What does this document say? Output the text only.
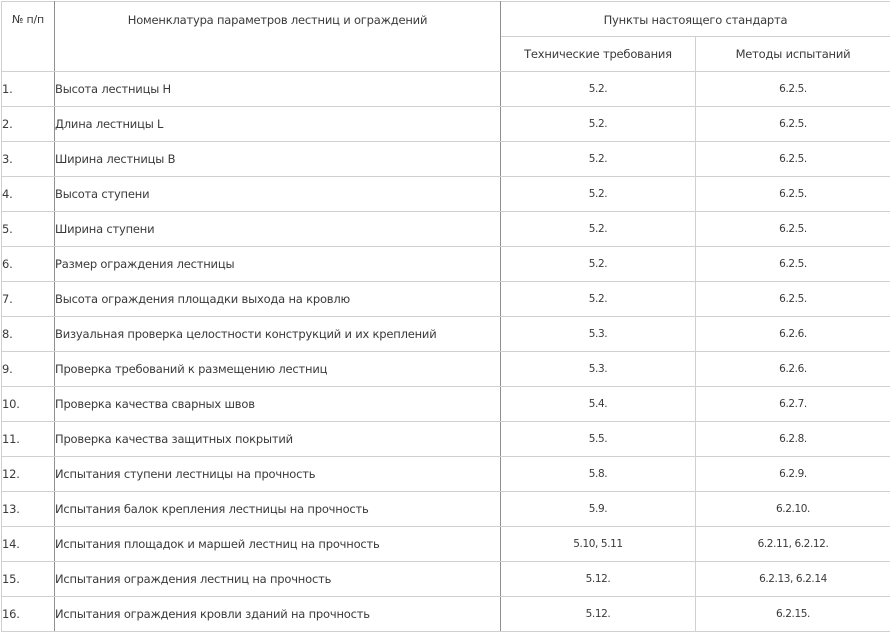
№ п/п	Номенклатура параметров лестниц и ограждений	Пункты настоящего стандарта	
		Технические требования	Методы испытаний
1.	Высота лестницы Н	5.2.	6.2.5.
2.	Длина лестницы L	5.2.	6.2.5.
3.	Ширина лестницы В	5.2.	6.2.5.
4.	Высота ступени	5.2.	6.2.5.
5.	Ширина ступени	5.2.	6.2.5.
6.	Размер ограждения лестницы	5.2.	6.2.5.
7.	Высота ограждения площадки выхода на кровлю	5.2.	6.2.5.
8.	Визуальная проверка целостности конструкций и их креплений	5.3.	6.2.6.
9.	Проверка требований к размещению лестниц	5.3.	6.2.6.
10.	Проверка качества сварных швов	5.4.	6.2.7.
11.	Проверка качества защитных покрытий	5.5.	6.2.8.
12.	Испытания ступени лестницы на прочность	5.8.	6.2.9.
13.	Испытания балок крепления лестницы на прочность	5.9.	6.2.10.
14.	Испытания площадок и маршей лестниц на прочность	5.10, 5.11	6.2.11, 6.2.12.
15.	Испытания ограждения лестниц на прочность	5.12.	6.2.13, 6.2.14
16.	Испытания ограждения кровли зданий на прочность	5.12.	6.2.15.
